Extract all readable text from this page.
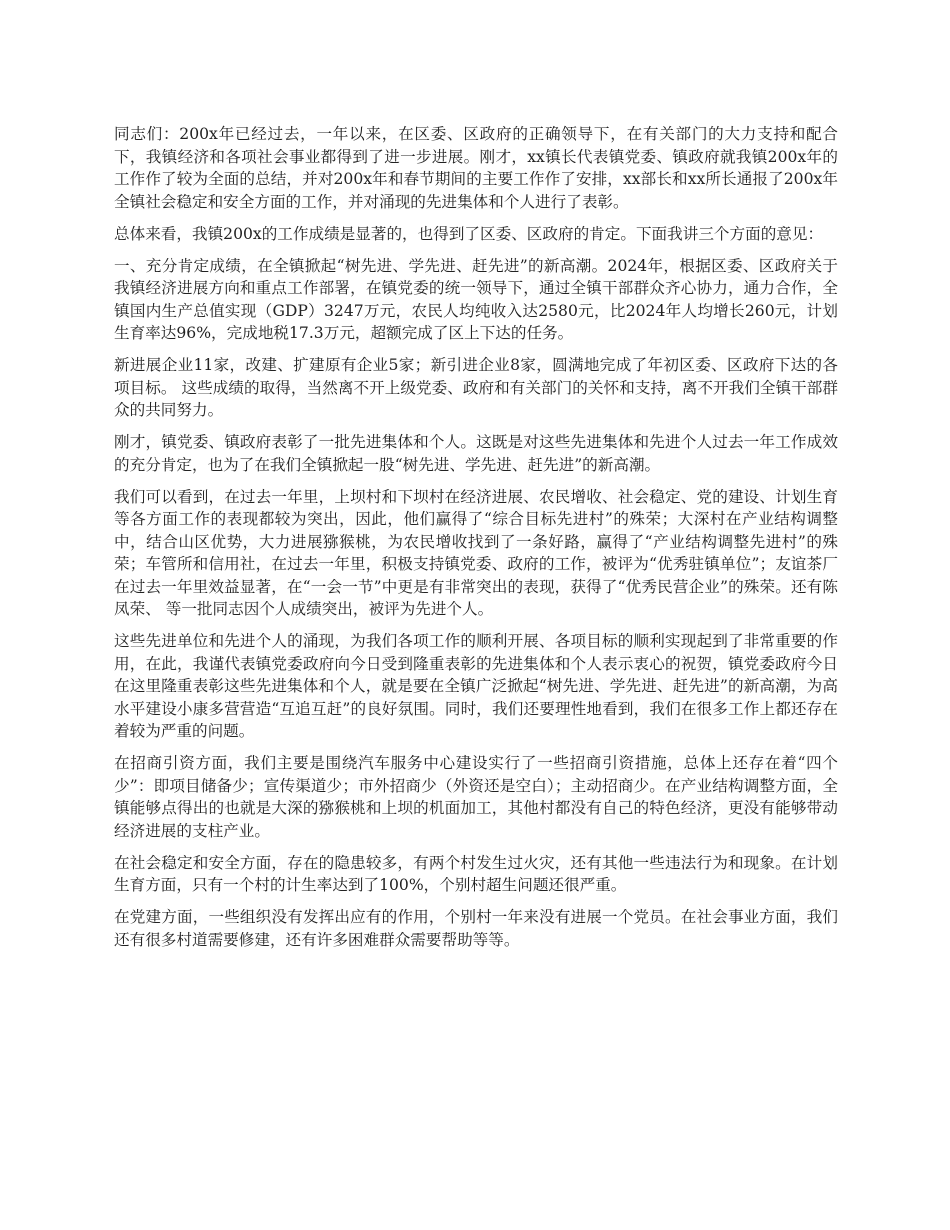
同志们：200x年已经过去，一年以来，在区委、区政府的正确领导下，在有关部门的大力支持和配合下，我镇经济和各项社会事业都得到了进一步进展。刚才，xx镇长代表镇党委、镇政府就我镇200x年的工作作了较为全面的总结，并对200x年和春节期间的主要工作作了安排，xx部长和xx所长通报了200x年全镇社会稳定和安全方面的工作，并对涌现的先进集体和个人进行了表彰。

总体来看，我镇200x的工作成绩是显著的，也得到了区委、区政府的肯定。下面我讲三个方面的意见：

一、充分肯定成绩，在全镇掀起“树先进、学先进、赶先进”的新高潮。2024年，根据区委、区政府关于我镇经济进展方向和重点工作部署，在镇党委的统一领导下，通过全镇干部群众齐心协力，通力合作，全镇国内生产总值实现（GDP）3247万元，农民人均纯收入达2580元，比2024年人均增长260元，计划生育率达96%，完成地税17.3万元，超额完成了区上下达的任务。

新进展企业11家，改建、扩建原有企业5家；新引进企业8家，圆满地完成了年初区委、区政府下达的各项目标。 这些成绩的取得，当然离不开上级党委、政府和有关部门的关怀和支持，离不开我们全镇干部群众的共同努力。

刚才，镇党委、镇政府表彰了一批先进集体和个人。这既是对这些先进集体和先进个人过去一年工作成效的充分肯定，也为了在我们全镇掀起一股“树先进、学先进、赶先进”的新高潮。

我们可以看到，在过去一年里，上坝村和下坝村在经济进展、农民增收、社会稳定、党的建设、计划生育等各方面工作的表现都较为突出，因此，他们赢得了“综合目标先进村”的殊荣；大深村在产业结构调整中，结合山区优势，大力进展猕猴桃，为农民增收找到了一条好路，赢得了“产业结构调整先进村”的殊荣；车管所和信用社，在过去一年里，积极支持镇党委、政府的工作，被评为“优秀驻镇单位”；友谊茶厂在过去一年里效益显著，在“一会一节”中更是有非常突出的表现，获得了“优秀民营企业”的殊荣。还有陈凤荣、 等一批同志因个人成绩突出，被评为先进个人。

这些先进单位和先进个人的涌现，为我们各项工作的顺利开展、各项目标的顺利实现起到了非常重要的作用，在此，我谨代表镇党委政府向今日受到隆重表彰的先进集体和个人表示衷心的祝贺，镇党委政府今日在这里隆重表彰这些先进集体和个人，就是要在全镇广泛掀起“树先进、学先进、赶先进”的新高潮，为高水平建设小康多营营造“互追互赶”的良好氛围。同时，我们还要理性地看到，我们在很多工作上都还存在着较为严重的问题。

在招商引资方面，我们主要是围绕汽车服务中心建设实行了一些招商引资措施，总体上还存在着“四个少”：即项目储备少；宣传渠道少；市外招商少（外资还是空白）；主动招商少。在产业结构调整方面，全镇能够点得出的也就是大深的猕猴桃和上坝的机面加工，其他村都没有自己的特色经济，更没有能够带动经济进展的支柱产业。

在社会稳定和安全方面，存在的隐患较多，有两个村发生过火灾，还有其他一些违法行为和现象。在计划生育方面，只有一个村的计生率达到了100%，个别村超生问题还很严重。

在党建方面，一些组织没有发挥出应有的作用，个别村一年来没有进展一个党员。在社会事业方面，我们还有很多村道需要修建，还有许多困难群众需要帮助等等。
